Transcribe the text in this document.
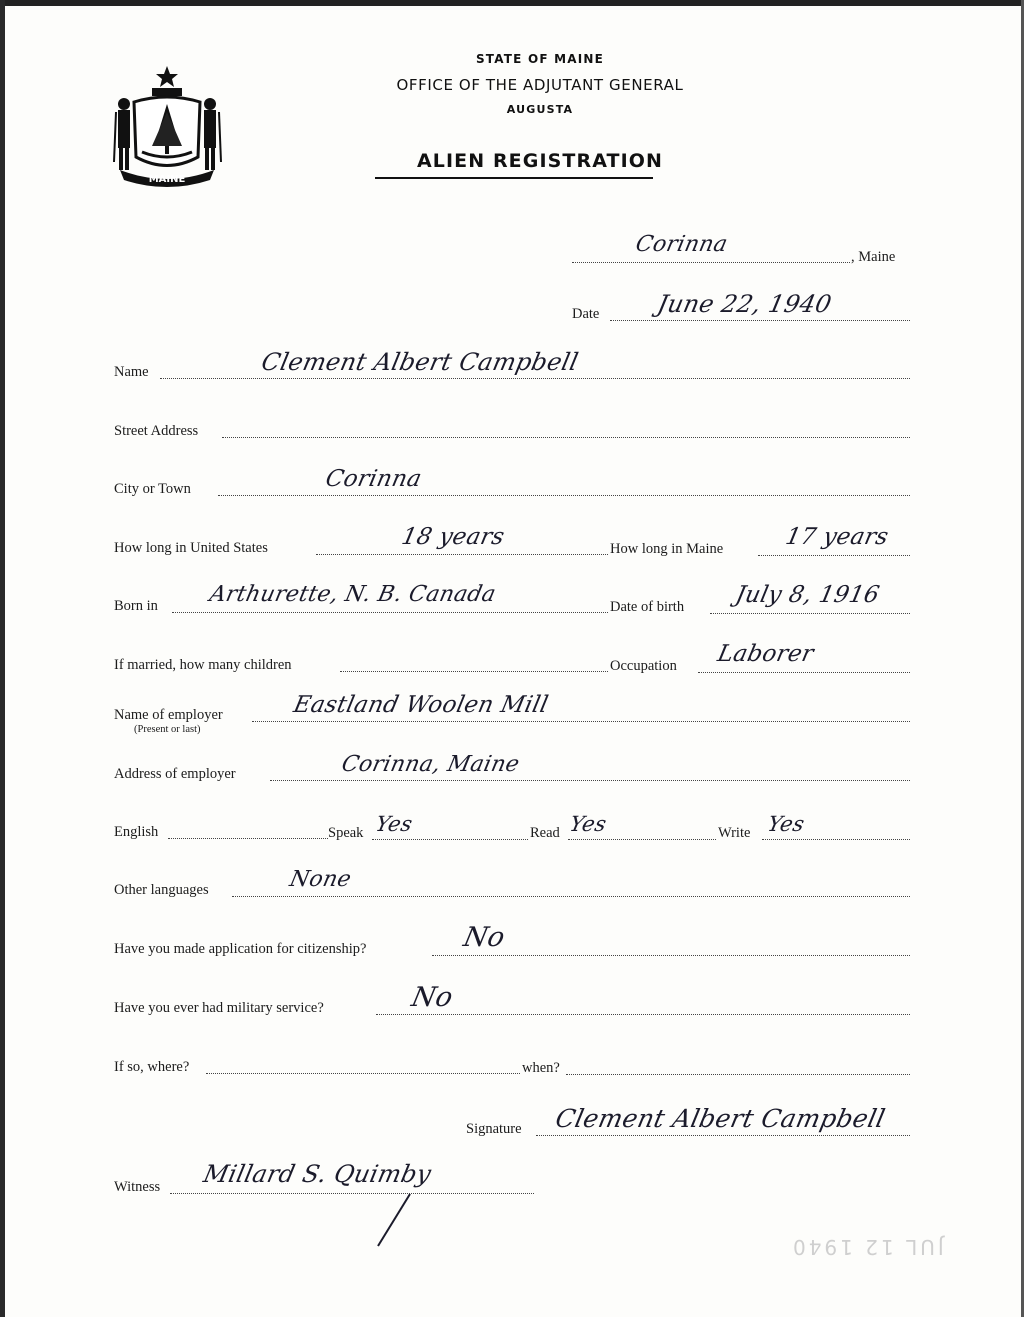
MAINE
STATE OF MAINE
OFFICE OF THE ADJUTANT GENERAL
AUGUSTA
ALIEN REGISTRATION
Corinna	, Maine
Date June 22, 1940
Name	Clement Albert Campbell
Street Address
City or Town	Corinna
How long in United States	18 years	How long in Maine	17 years
Born in Arthurette, N. B. Canada	Date of birth July 8, 1916
If married, how many children	Occupation Laborer
Name of employer
(Present or last)
Eastland Woolen Mill
Address of employer	Corinna, Maine
English	Speak Yes	Read Yes	Write Yes
Other languages	None
Have you made application for citizenship?	No
Have you ever had military service?	No
If so, where?	when?
Signature Clement Albert Campbell
Witness Millard S. Quimby
JUL 12 1940
